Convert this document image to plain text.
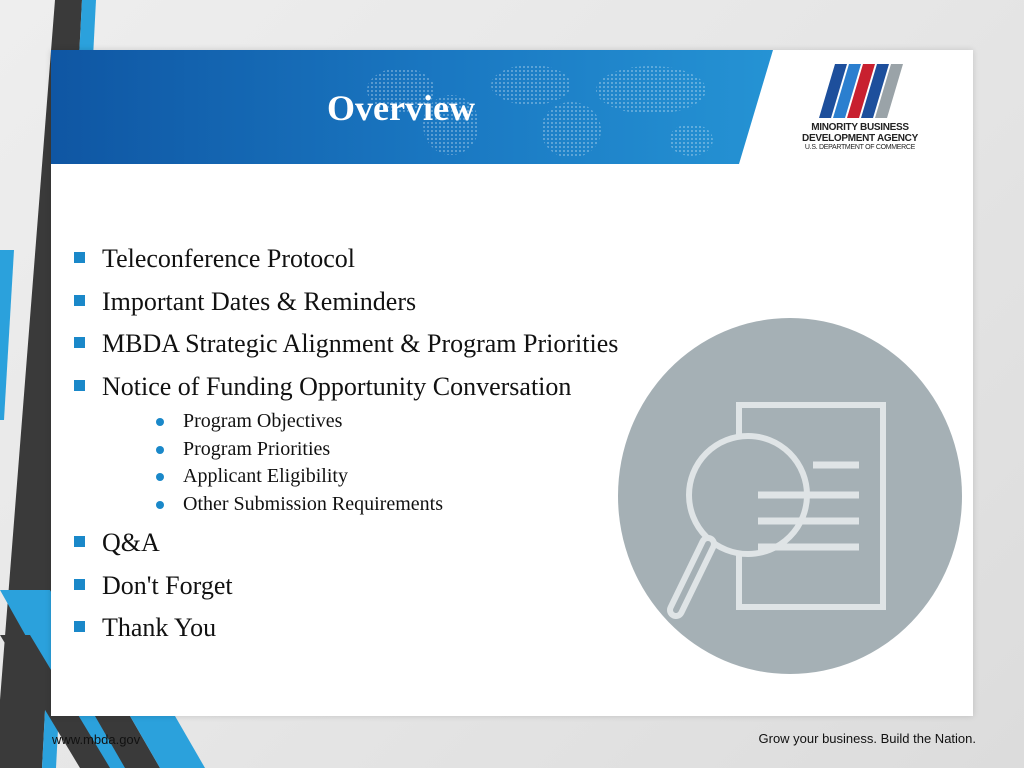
Overview	MINORITY BUSINESS
DEVELOPMENT AGENCY
U.S. DEPARTMENT OF COMMERCE
Teleconference Protocol
Important Dates & Reminders
MBDA Strategic Alignment & Program Priorities
Notice of Funding Opportunity Conversation
Program Objectives
Program Priorities
Applicant Eligibility
Other Submission Requirements
Q&A
Don't Forget
Thank You
www.mbda.gov	Grow your business. Build the Nation.
